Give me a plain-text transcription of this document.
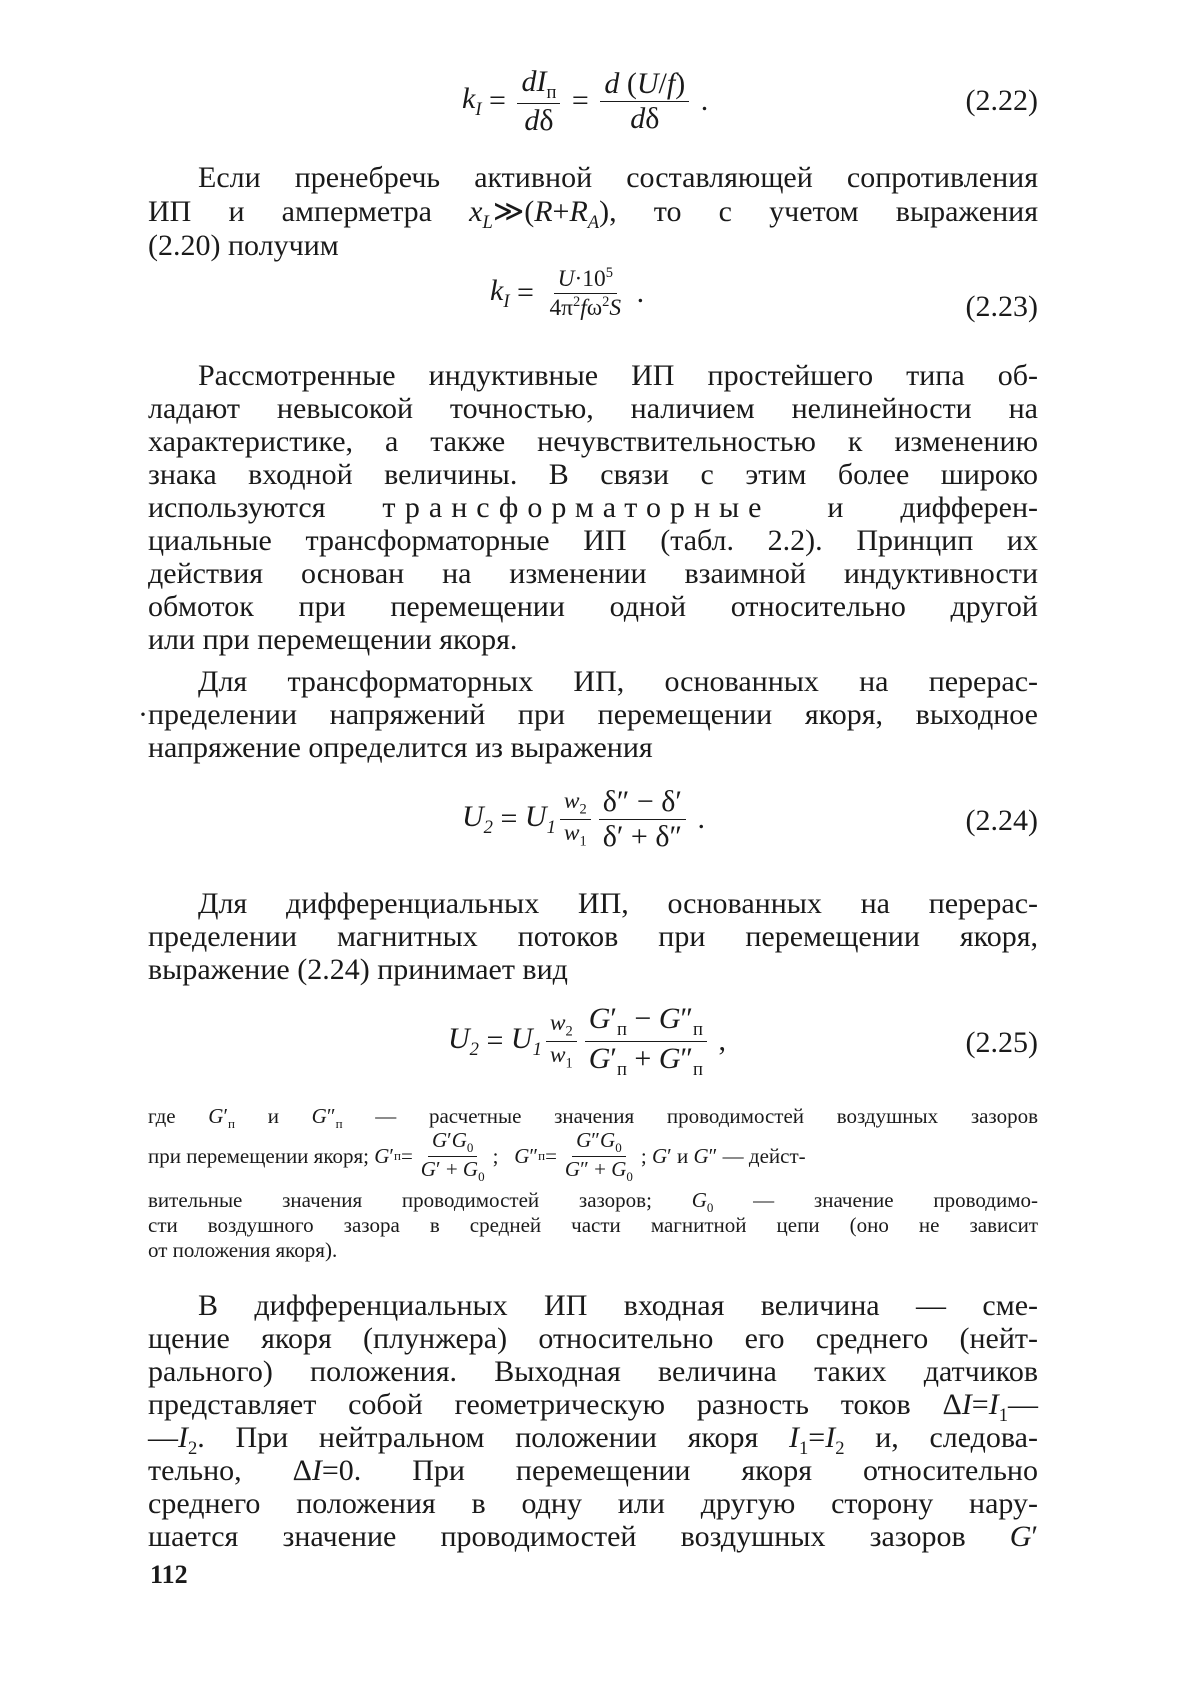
$k_I = \frac{dI_п}{d\delta} = \frac{d (U/f)}{d\delta}$ .	(2.22)

Если пренебречь активной составляющей сопротивления

ИП и амперметра $x_L≫(R+R_A)$, то с учетом выражения

(2.20) получим

$k_I = \frac{U\cdot 10^5}{4\pi^2f\omega^2S}$ .	(2.23)

Рассмотренные индуктивные ИП простейшего типа об-

ладают невысокой точностью, наличием нелинейности на

характеристике, а также нечувствительностью к изменению

знака входной величины. В связи с этим более широко

используются трансформаторные и дифферен-

циальные трансформаторные ИП (табл. 2.2). Принцип их

действия основан на изменении взаимной индуктивности

обмоток при перемещении одной относительно другой

или при перемещении якоря.

Для трансформаторных ИП, основанных на перерас-

·пределении напряжений при перемещении якоря, выходное

напряжение определится из выражения

$U_2 = U_1 \frac{w_2}{w_1} \frac{\delta'' - \delta'}{\delta' + \delta''}$ .	(2.24)

Для дифференциальных ИП, основанных на перерас-

пределении магнитных потоков при перемещении якоря,

выражение (2.24) принимает вид

$U_2 = U_1 \frac{w_2}{w_1} \frac{G'_п - G''_п}{G'_п + G''_п}$ ,	(2.25)

где $G'_п$ и $G''_п$ — расчетные значения проводимостей воздушных зазоров

при перемещении якоря;
G ′ $п = \frac{G'G_0}{G' + G_0}$ ; G ″ $п = \frac{G''G_0}{G'' + G_0}$ ; G ′ и
G ″ — дейст-

вительные значения проводимостей зазоров; $G_0$ — значение проводимо-

сти воздушного зазора в средней части магнитной цепи (оно не зависит

от положения якоря).

В дифференциальных ИП входная величина — сме-

щение якоря (плунжера) относительно его среднего (нейт-

рального) положения. Выходная величина таких датчиков

представляет собой геометрическую разность токов $\Delta I=I_1—$

$—I_2$. При нейтральном положении якоря $I_1=I_2$ и, следова-

тельно, ΔI=0. При перемещении якоря относительно

среднего положения в одну или другую сторону нару-

шается значение проводимостей воздушных зазоров G′

112
